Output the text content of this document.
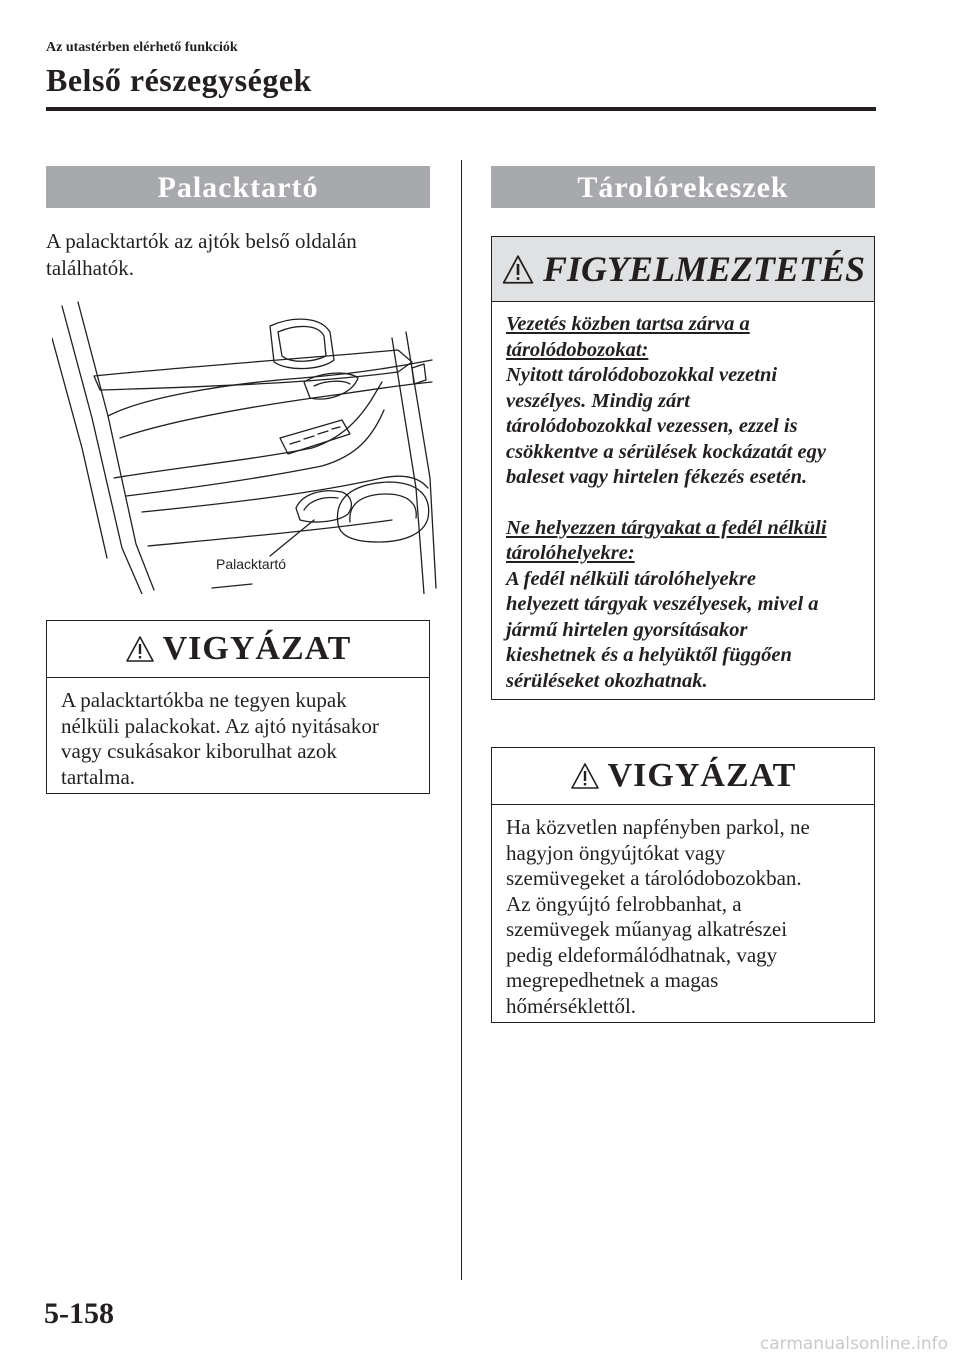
Az utastérben elérhető funkciók
Belső részegységek
Palacktartó
A palacktartók az ajtók belső oldalán
találhatók.
Palacktartó
VIGYÁZAT
A palacktartókba ne tegyen kupak
nélküli palackokat. Az ajtó nyitásakor
vagy csukásakor kiborulhat azok
tartalma.
Tárolórekeszek
FIGYELMEZTETÉS

Vezetés közben tartsa zárva a

tárolódobozokat:

Nyitott tárolódobozokkal vezetni

veszélyes. Mindig zárt

tárolódobozokkal vezessen, ezzel is

csökkentve a sérülések kockázatát egy

baleset vagy hirtelen fékezés esetén.

Ne helyezzen tárgyakat a fedél nélküli

tárolóhelyekre:

A fedél nélküli tárolóhelyekre

helyezett tárgyak veszélyesek, mivel a

jármű hirtelen gyorsításakor

kieshetnek és a helyüktől függően

sérüléseket okozhatnak.

VIGYÁZAT
Ha közvetlen napfényben parkol, ne
hagyjon öngyújtókat vagy
szemüvegeket a tárolódobozokban.
Az öngyújtó felrobbanhat, a
szemüvegek műanyag alkatrészei
pedig eldeformálódhatnak, vagy
megrepedhetnek a magas
hőmérséklettől.
5-158
carmanualsonline.info
